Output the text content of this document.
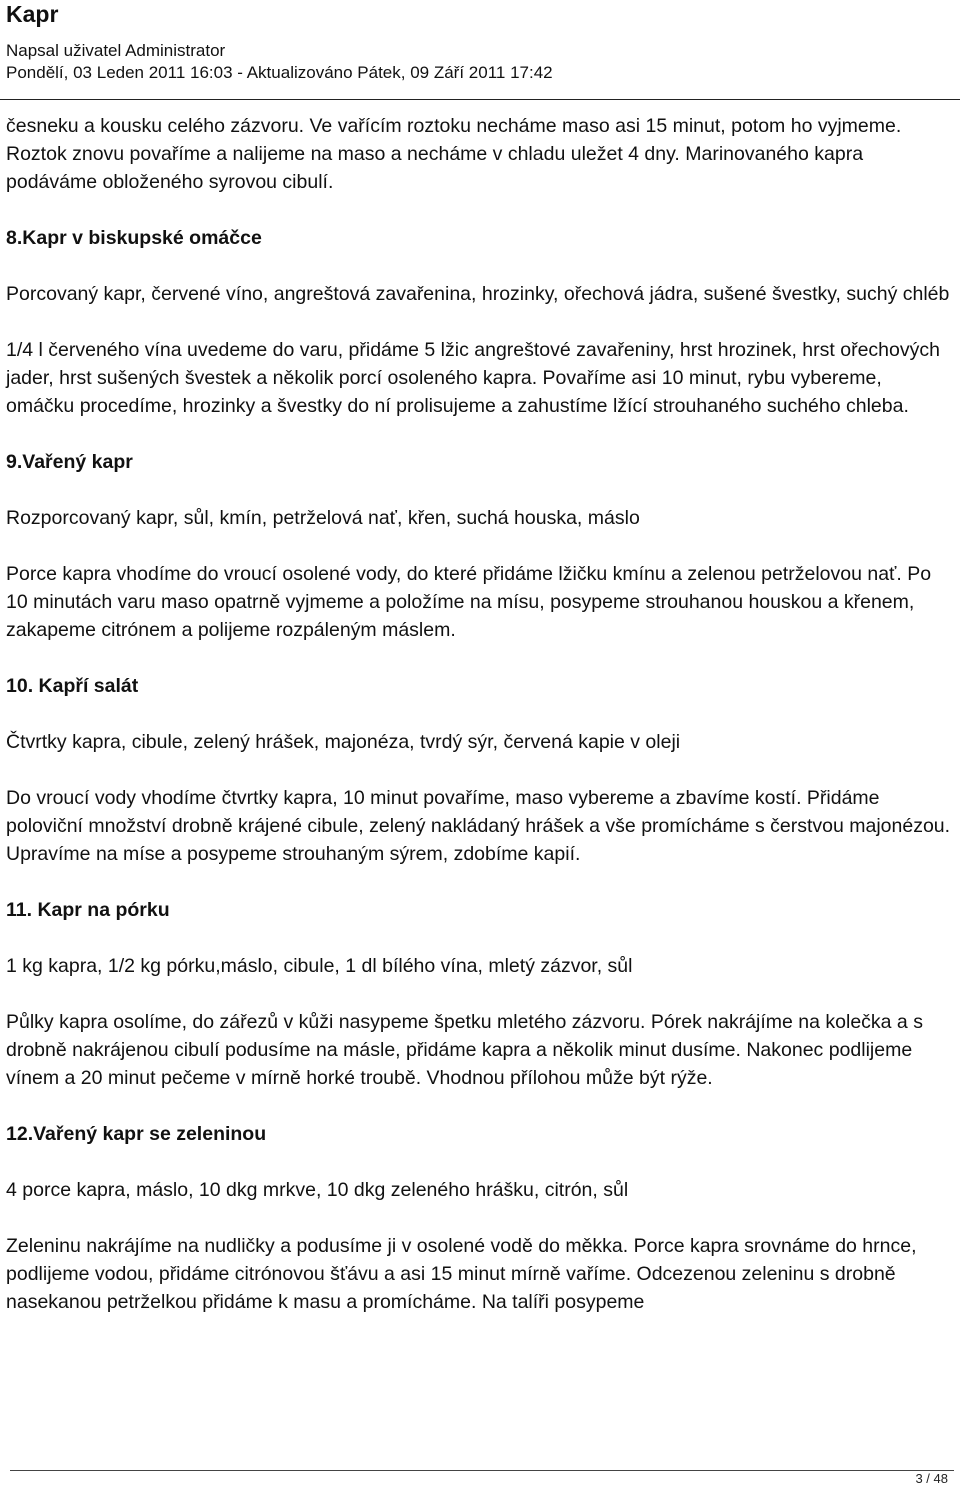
Kapr
Napsal uživatel Administrator
Pondělí, 03 Leden 2011 16:03 - Aktualizováno Pátek, 09 Září 2011 17:42

česneku a kousku celého zázvoru. Ve vařícím roztoku necháme maso asi 15 minut, potom ho vyjmeme. Roztok znovu povaříme a nalijeme na maso a necháme v chladu uležet 4 dny. Marinovaného kapra podáváme obloženého syrovou cibulí.

8.Kapr v biskupské omáčce

Porcovaný kapr, červené víno, angreštová zavařenina, hrozinky, ořechová jádra, sušené švestky, suchý chléb

1/4 l červeného vína uvedeme do varu, přidáme 5 lžic angreštové zavařeniny, hrst hrozinek, hrst ořechových jader, hrst sušených švestek a několik porcí osoleného kapra. Povaříme asi 10 minut, rybu vybereme, omáčku procedíme, hrozinky a švestky do ní prolisujeme a zahustíme lžící strouhaného suchého chleba.

9.Vařený kapr

Rozporcovaný kapr, sůl, kmín, petrželová nať, křen, suchá houska, máslo

Porce kapra vhodíme do vroucí osolené vody, do které přidáme lžičku kmínu a zelenou petrželovou nať. Po 10 minutách varu maso opatrně vyjmeme a položíme na mísu, posypeme strouhanou houskou a křenem, zakapeme citrónem a polijeme rozpáleným máslem.

10. Kapří salát

Čtvrtky kapra, cibule, zelený hrášek, majonéza, tvrdý sýr, červená kapie v oleji

Do vroucí vody vhodíme čtvrtky kapra, 10 minut povaříme, maso vybereme a zbavíme kostí. Přidáme poloviční množství drobně krájené cibule, zelený nakládaný hrášek a vše promícháme s čerstvou majonézou. Upravíme na míse a posypeme strouhaným sýrem, zdobíme kapií.

11. Kapr na pórku

1 kg kapra, 1/2 kg pórku,máslo, cibule, 1 dl bílého vína, mletý zázvor, sůl

Půlky kapra osolíme, do zářezů v kůži nasypeme špetku mletého zázvoru. Pórek nakrájíme na kolečka a s drobně nakrájenou cibulí podusíme na másle, přidáme kapra a několik minut dusíme. Nakonec podlijeme vínem a 20 minut pečeme v mírně horké troubě. Vhodnou přílohou může být rýže.

12.Vařený kapr se zeleninou

4 porce kapra, máslo, 10 dkg mrkve, 10 dkg zeleného hrášku, citrón, sůl

Zeleninu nakrájíme na nudličky a podusíme ji v osolené vodě do měkka. Porce kapra srovnáme do hrnce, podlijeme vodou, přidáme citrónovou šťávu a asi 15 minut mírně vaříme. Odcezenou zeleninu s drobně nasekanou petrželkou přidáme k masu a promícháme. Na talíři posypeme

3 / 48
